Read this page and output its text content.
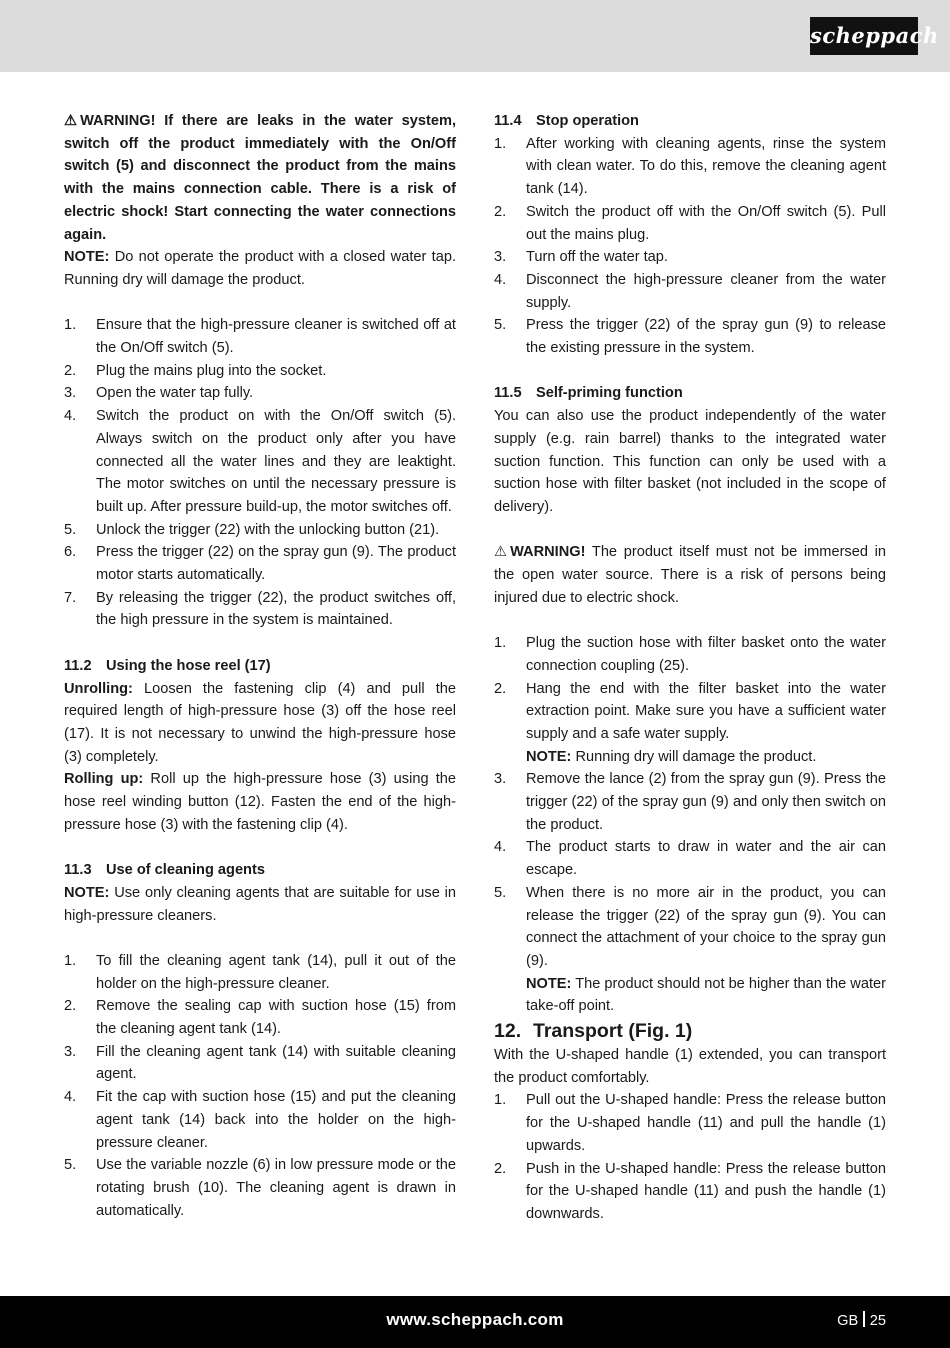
scheppach

⚠ WARNING! If there are leaks in the water system, switch off the product immediately with the On/Off switch (5) and disconnect the product from the mains with the mains connection cable. There is a risk of electric shock! Start connecting the water connections again.

NOTE: Do not operate the product with a closed water tap. Running dry will damage the product.

1. Ensure that the high-pressure cleaner is switched off at the On/Off switch (5).
2. Plug the mains plug into the socket.
3. Open the water tap fully.
4. Switch the product on with the On/Off switch (5). Always switch on the product only after you have connected all the water lines and they are leaktight. The motor switches on until the necessary pressure is built up. After pressure build-up, the motor switches off.
5. Unlock the trigger (22) with the unlocking button (21).
6. Press the trigger (22) on the spray gun (9). The product motor starts automatically.
7. By releasing the trigger (22), the product switches off, the high pressure in the system is maintained.

11.2 Using the hose reel (17)

Unrolling: Loosen the fastening clip (4) and pull the required length of high-pressure hose (3) off the hose reel (17). It is not necessary to unwind the high-pressure hose (3) completely.

Rolling up: Roll up the high-pressure hose (3) using the hose reel winding button (12). Fasten the end of the high-pressure hose (3) with the fastening clip (4).

11.3 Use of cleaning agents

NOTE: Use only cleaning agents that are suitable for use in high-pressure cleaners.

1. To fill the cleaning agent tank (14), pull it out of the holder on the high-pressure cleaner.
2. Remove the sealing cap with suction hose (15) from the cleaning agent tank (14).
3. Fill the cleaning agent tank (14) with suitable cleaning agent.
4. Fit the cap with suction hose (15) and put the cleaning agent tank (14) back into the holder on the high-pressure cleaner.
5. Use the variable nozzle (6) in low pressure mode or the rotating brush (10). The cleaning agent is drawn in automatically.

11.4 Stop operation

1. After working with cleaning agents, rinse the system with clean water. To do this, remove the cleaning agent tank (14).
2. Switch the product off with the On/Off switch (5). Pull out the mains plug.
3. Turn off the water tap.
4. Disconnect the high-pressure cleaner from the water supply.
5. Press the trigger (22) of the spray gun (9) to release the existing pressure in the system.

11.5 Self-priming function

You can also use the product independently of the water supply (e.g. rain barrel) thanks to the integrated water suction function. This function can only be used with a suction hose with filter basket (not included in the scope of delivery).

⚠ WARNING! The product itself must not be immersed in the open water source. There is a risk of persons being injured due to electric shock.

1. Plug the suction hose with filter basket onto the water connection coupling (25).
2. Hang the end with the filter basket into the water extraction point. Make sure you have a sufficient water supply and a safe water supply.
NOTE: Running dry will damage the product.
3. Remove the lance (2) from the spray gun (9). Press the trigger (22) of the spray gun (9) and only then switch on the product.
4. The product starts to draw in water and the air can escape.
5. When there is no more air in the product, you can release the trigger (22) of the spray gun (9). You can connect the attachment of your choice to the spray gun (9).
NOTE: The product should not be higher than the water take-off point.

12. Transport (Fig. 1)

With the U-shaped handle (1) extended, you can transport the product comfortably.

1. Pull out the U-shaped handle: Press the release button for the U-shaped handle (11) and pull the handle (1) upwards.
2. Push in the U-shaped handle: Press the release button for the U-shaped handle (11) and push the handle (1) downwards.
www.scheppach.com	GB 25
